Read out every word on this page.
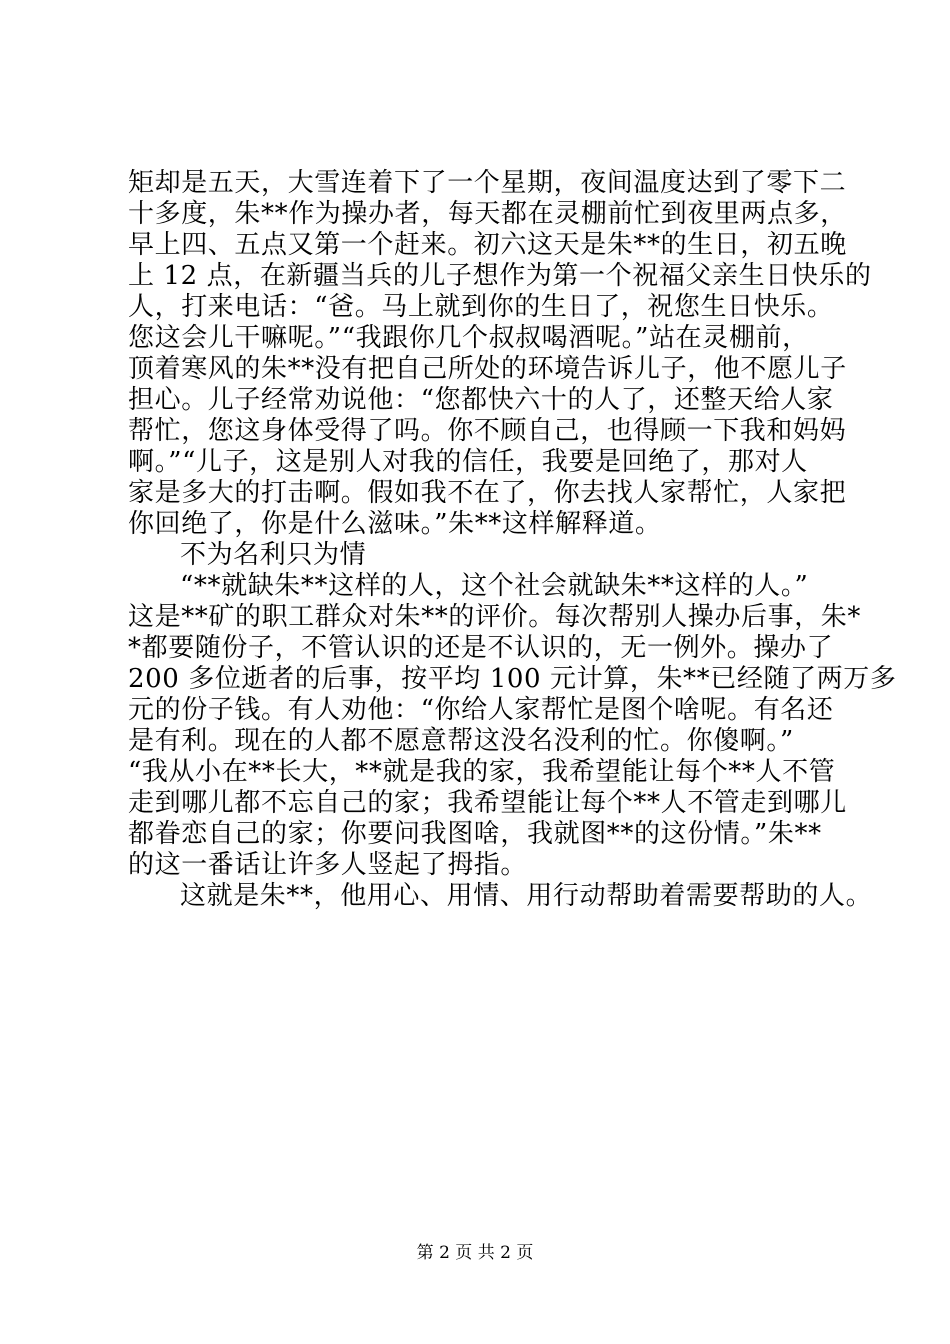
矩却是五天，大雪连着下了一个星期，夜间温度达到了零下二
十多度，朱**作为操办者，每天都在灵棚前忙到夜里两点多，
早上四、五点又第一个赶来。初六这天是朱**的生日，初五晚
上 12 点，在新疆当兵的儿子想作为第一个祝福父亲生日快乐的
人，打来电话：“爸。马上就到你的生日了，祝您生日快乐。
您这会儿干嘛呢。”“我跟你几个叔叔喝酒呢。”站在灵棚前，
顶着寒风的朱**没有把自己所处的环境告诉儿子，他不愿儿子
担心。儿子经常劝说他：“您都快六十的人了，还整天给人家
帮忙，您这身体受得了吗。你不顾自己，也得顾一下我和妈妈
啊。”“儿子，这是别人对我的信任，我要是回绝了，那对人
家是多大的打击啊。假如我不在了，你去找人家帮忙，人家把
你回绝了，你是什么滋味。”朱**这样解释道。
不为名利只为情
“**就缺朱**这样的人，这个社会就缺朱**这样的人。”
这是**矿的职工群众对朱**的评价。每次帮别人操办后事，朱*
*都要随份子，不管认识的还是不认识的，无一例外。操办了
200 多位逝者的后事，按平均 100 元计算，朱**已经随了两万多
元的份子钱。有人劝他：“你给人家帮忙是图个啥呢。有名还
是有利。现在的人都不愿意帮这没名没利的忙。你傻啊。”
“我从小在**长大，**就是我的家，我希望能让每个**人不管
走到哪儿都不忘自己的家；我希望能让每个**人不管走到哪儿
都眷恋自己的家；你要问我图啥，我就图**的这份情。”朱**
的这一番话让许多人竖起了拇指。
这就是朱**，他用心、用情、用行动帮助着需要帮助的人。
第 2 页 共 2 页
